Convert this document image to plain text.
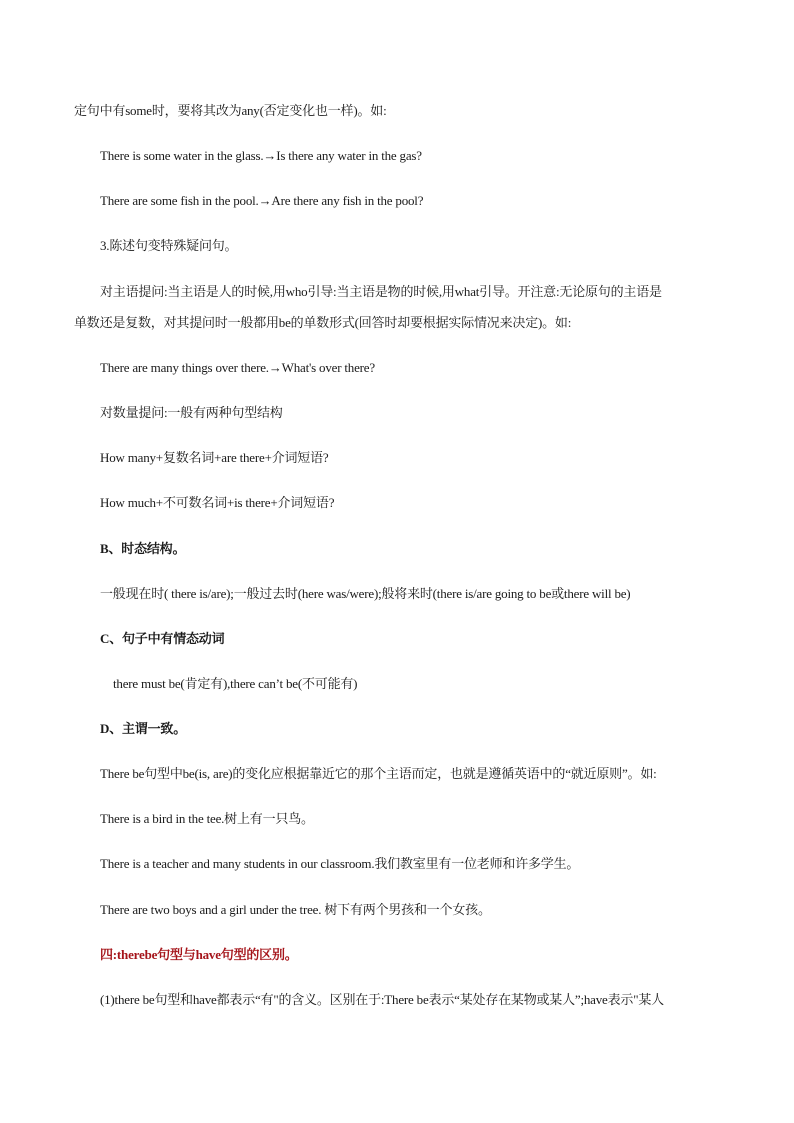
定句中有some时，要将其改为any(否定变化也一样)。如:
There is some water in the glass.→Is there any water in the gas?
There are some fish in the pool.→Are there any fish in the pool?
3.陈述句变特殊疑问句。
对主语提问:当主语是人的时候,用who引导:当主语是物的时候,用what引导。开注意:无论原句的主语是
单数还是复数，对其提问时一般都用be的单数形式(回答时却要根据实际情况来决定)。如:
There are many things over there.→What's over there?
对数量提问:一般有两种句型结构
How many+复数名词+are there+介词短语?
How much+不可数名词+is there+介词短语?
B、时态结构。
一般现在时( there is/are);一般过去时(here was/were);般将来时(there is/are going to be或there will be)
C、句子中有情态动词
there must be(肯定有),there can’t be(不可能有)
D、主谓一致。
There be句型中be(is, are)的变化应根据靠近它的那个主语而定，也就是遵循英语中的“就近原则”。如:
There is a bird in the tee.树上有一只鸟。
There is a teacher and many students in our classroom.我们教室里有一位老师和许多学生。
There are two boys and a girl under the tree. 树下有两个男孩和一个女孩。
四:therebe句型与have句型的区别。
(1)there be句型和have都表示“有"的含义。区别在于:There be表示“某处存在某物或某人”;have表示"某人
